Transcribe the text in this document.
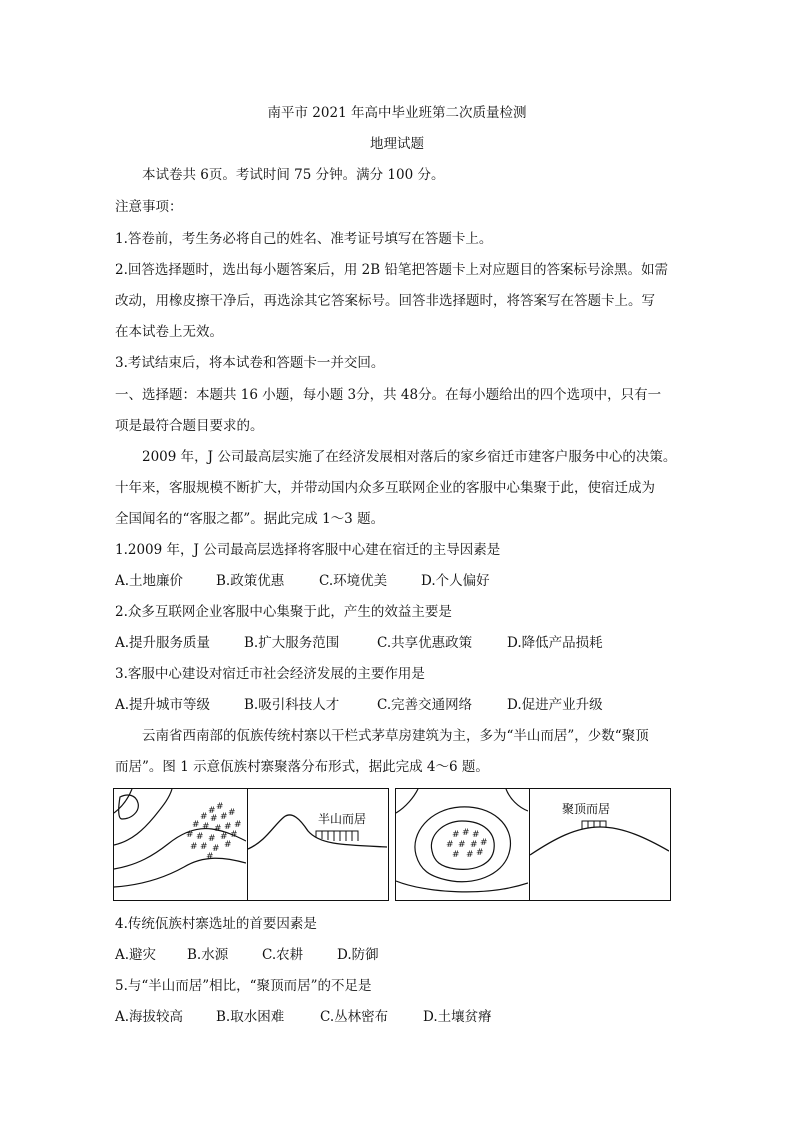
南平市 2021 年高中毕业班第二次质量检测
地理试题
本试卷共 6页。考试时间 75 分钟。满分 100 分。
注意事项：
1.答卷前，考生务必将自己的姓名、准考证号填写在答题卡上。
2.回答选择题时，选出每小题答案后，用 2B 铅笔把答题卡上对应题目的答案标号涂黑。如需
改动，用橡皮擦干净后，再选涂其它答案标号。回答非选择题时，将答案写在答题卡上。写
在本试卷上无效。
3.考试结束后，将本试卷和答题卡一并交回。
一、选择题：本题共 16 小题，每小题 3分，共 48分。在每小题给出的四个选项中，只有一
项是最符合题目要求的。
2009 年，J 公司最高层实施了在经济发展相对落后的家乡宿迁市建客户服务中心的决策。
十年来，客服规模不断扩大，并带动国内众多互联网企业的客服中心集聚于此，使宿迁成为
全国闻名的“客服之都”。据此完成 1～3 题。
1.2009 年，J 公司最高层选择将客服中心建在宿迁的主导因素是
A.土地廉价 B.政策优惠	C.环境优美	D.个人偏好
2.众多互联网企业客服中心集聚于此，产生的效益主要是
A.提升服务质量	B.扩大服务范围	C.共享优惠政策	D.降低产品损耗
3.客服中心建设对宿迁市社会经济发展的主要作用是
A.提升城市等级	B.吸引科技人才	C.完善交通网络	D.促进产业升级
云南省西南部的佤族传统村寨以干栏式茅草房建筑为主，多为“半山而居”，少数“聚顶
而居”。图 1 示意佤族村寨聚落分布形式，据此完成 4～6 题。
# #
# # # #
# # # # #
# # # # #
# # #
#
#
半山而居
# # #
# # # #
# # #
聚顶而居
4.传统佤族村寨选址的首要因素是
A.避灾 B.水源	C.农耕	D.防御
5.与“半山而居”相比，“聚顶而居”的不足是
A.海拔较高 B.取水困难	C.丛林密布	D.土壤贫瘠
